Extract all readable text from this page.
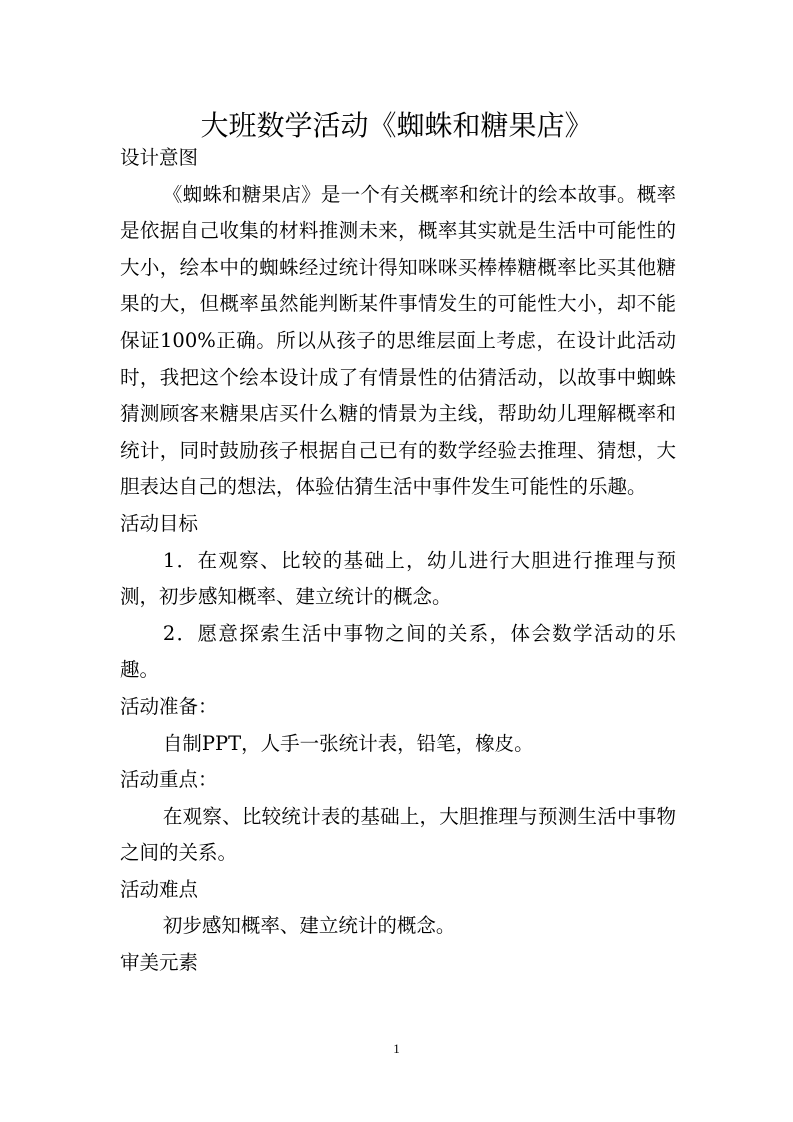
大班数学活动《蜘蛛和糖果店》

设计意图

《蜘蛛和糖果店》是一个有关概率和统计的绘本故事。概率是依据自己收集的材料推测未来，概率其实就是生活中可能性的大小，绘本中的蜘蛛经过统计得知咪咪买棒棒糖概率比买其他糖果的大，但概率虽然能判断某件事情发生的可能性大小，却不能保证100%正确。所以从孩子的思维层面上考虑，在设计此活动时，我把这个绘本设计成了有情景性的估猜活动，以故事中蜘蛛猜测顾客来糖果店买什么糖的情景为主线，帮助幼儿理解概率和统计，同时鼓励孩子根据自己已有的数学经验去推理、猜想，大胆表达自己的想法，体验估猜生活中事件发生可能性的乐趣。

活动目标

1．在观察、比较的基础上，幼儿进行大胆进行推理与预测，初步感知概率、建立统计的概念。

2．愿意探索生活中事物之间的关系，体会数学活动的乐趣。

活动准备：

自制PPT，人手一张统计表，铅笔，橡皮。

活动重点：

在观察、比较统计表的基础上，大胆推理与预测生活中事物之间的关系。

活动难点

初步感知概率、建立统计的概念。

审美元素

1
